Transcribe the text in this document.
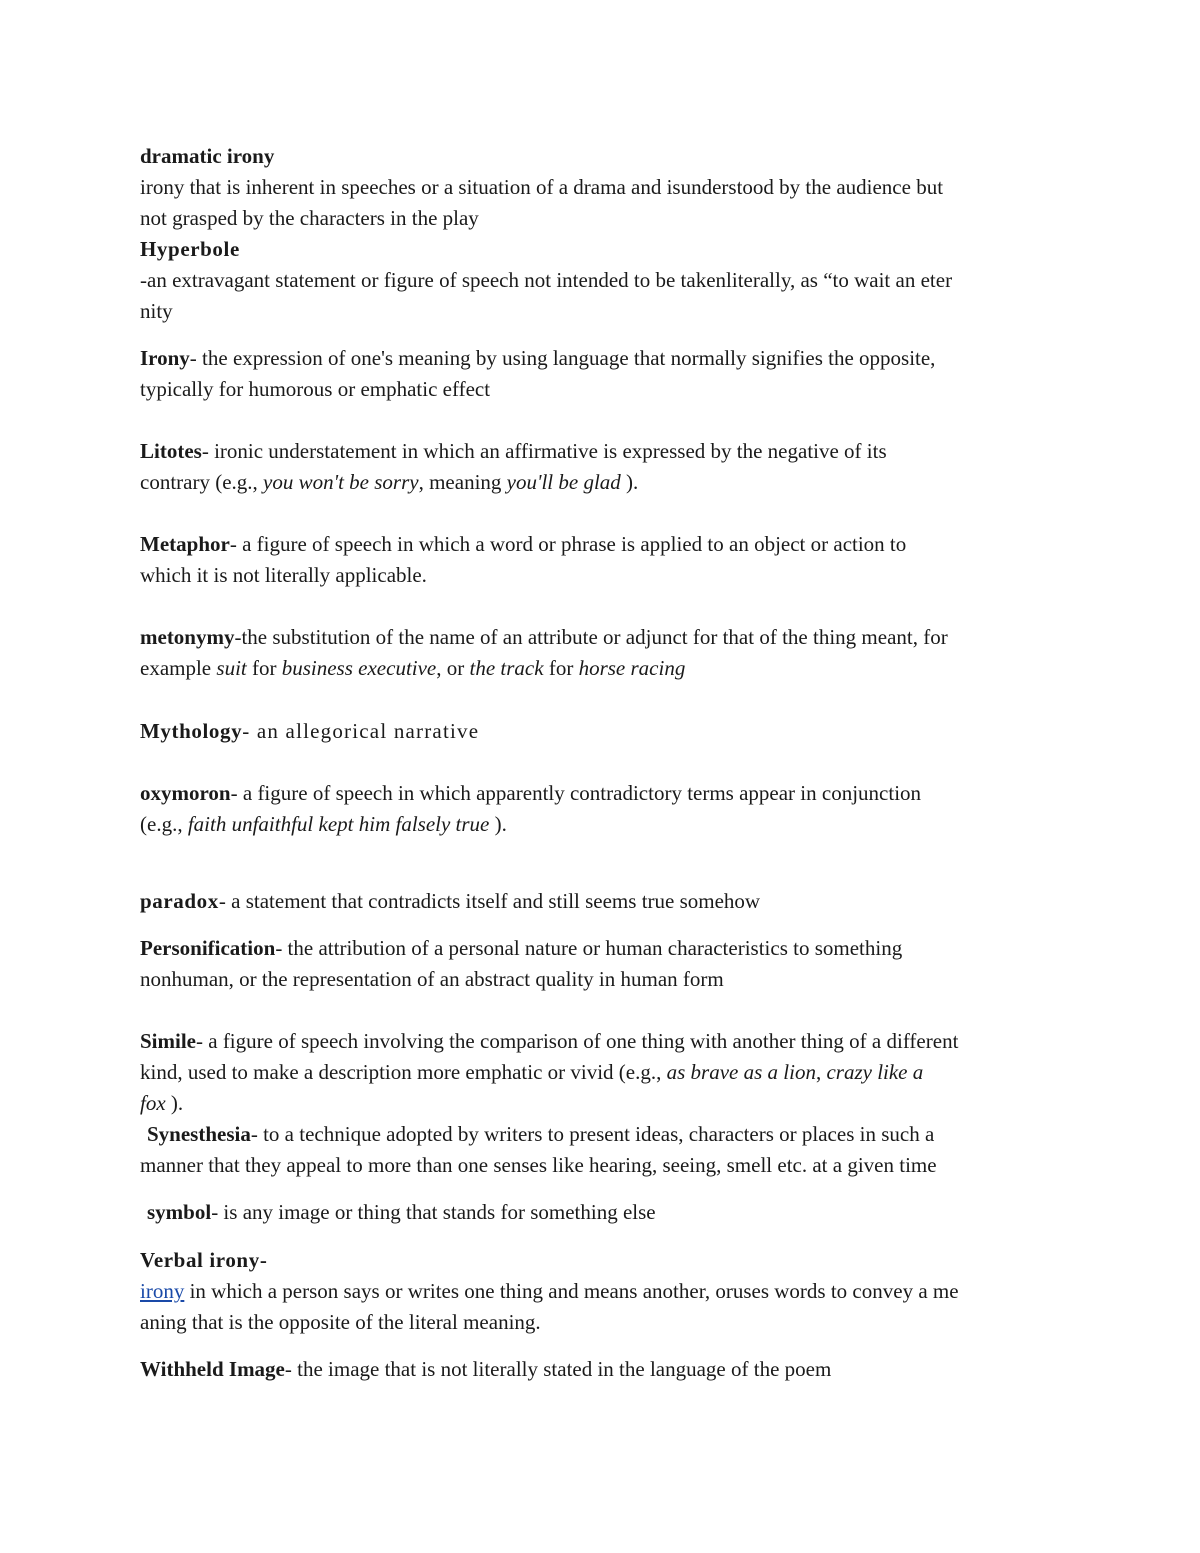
dramatic irony
irony that is inherent in speeches or a situation of a drama and isunderstood by the audience but
not grasped by the characters in the play
Hyperbole
-an extravagant statement or figure of speech not intended to be takenliterally, as “to wait an eter
nity
Irony- the expression of one's meaning by using language that normally signifies the opposite,
typically for humorous or emphatic effect
Litotes- ironic understatement in which an affirmative is expressed by the negative of its
contrary (e.g., you won't be sorry, meaning you'll be glad ).
Metaphor- a figure of speech in which a word or phrase is applied to an object or action to
which it is not literally applicable.
metonymy-the substitution of the name of an attribute or adjunct for that of the thing meant, for
example suit for business executive, or the track for horse racing
Mythology- an allegorical narrative
oxymoron- a figure of speech in which apparently contradictory terms appear in conjunction
(e.g., faith unfaithful kept him falsely true ).
paradox- a statement that contradicts itself and still seems true somehow
Personification- the attribution of a personal nature or human characteristics to something
nonhuman, or the representation of an abstract quality in human form
Simile- a figure of speech involving the comparison of one thing with another thing of a different
kind, used to make a description more emphatic or vivid (e.g., as brave as a lion, crazy like a
fox ).
Synesthesia- to a technique adopted by writers to present ideas, characters or places in such a
manner that they appeal to more than one senses like hearing, seeing, smell etc. at a given time
symbol- is any image or thing that stands for something else
Verbal irony-
irony in which a person says or writes one thing and means another, oruses words to convey a me
aning that is the opposite of the literal meaning.
Withheld Image- the image that is not literally stated in the language of the poem
